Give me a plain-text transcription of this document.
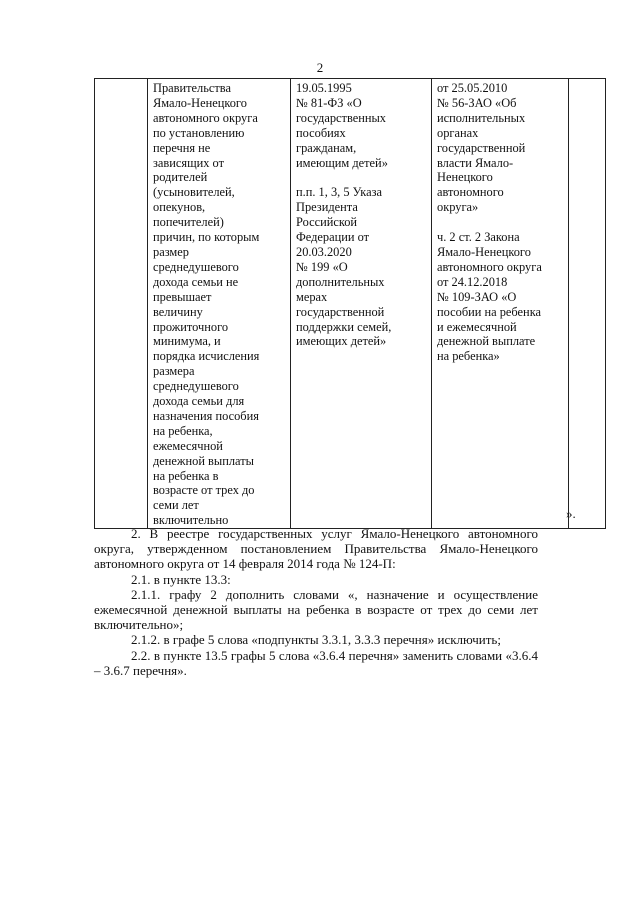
2
	Правительства
Ямало-Ненецкого
автономного округа
по установлению
перечня не
зависящих от
родителей
(усыновителей,
опекунов,
попечителей)
причин, по которым
размер
среднедушевого
дохода семьи не
превышает
величину
прожиточного
минимума, и
порядка исчисления
размера
среднедушевого
дохода семьи для
назначения пособия
на ребенка,
ежемесячной
денежной выплаты
на ребенка в
возрасте от трех до
семи лет
включительно	19.05.1995
№ 81-ФЗ «О
государственных
пособиях
гражданам,
имеющим детей»

п.п. 1, 3, 5 Указа
Президента
Российской
Федерации от
20.03.2020
№ 199 «О
дополнительных
мерах
государственной
поддержки семей,
имеющих детей»	от 25.05.2010
№ 56-ЗАО «Об
исполнительных
органах
государственной
власти Ямало-
Ненецкого
автономного
округа»

ч. 2 ст. 2 Закона
Ямало-Ненецкого
автономного округа
от 24.12.2018
№ 109-ЗАО «О
пособии на ребенка
и ежемесячной
денежной выплате
на ребенка»	
».

2. В реестре государственных услуг Ямало-Ненецкого автономного округа, утвержденном постановлением Правительства Ямало-Ненецкого автономного округа от 14 февраля 2014 года № 124-П:

2.1. в пункте 13.3:

2.1.1. графу 2 дополнить словами «, назначение и осуществление ежемесячной денежной выплаты на ребенка в возрасте от трех до семи лет включительно»;

2.1.2. в графе 5 слова «подпункты 3.3.1, 3.3.3 перечня» исключить;

2.2. в пункте 13.5 графы 5 слова «3.6.4 перечня» заменить словами «3.6.4 – 3.6.7 перечня».
